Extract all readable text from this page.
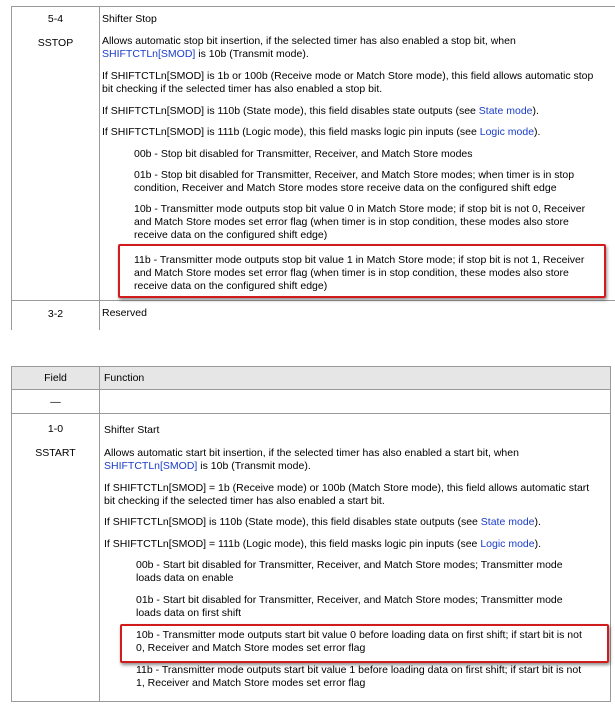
5-4
SSTOP
Shifter Stop
Allows automatic stop bit insertion, if the selected timer has also enabled a stop bit, when
SHIFTCTLn[SMOD] is 10b (Transmit mode).
If SHIFTCTLn[SMOD] is 1b or 100b (Receive mode or Match Store mode), this field allows automatic stop
bit checking if the selected timer has also enabled a stop bit.
If SHIFTCTLn[SMOD] is 110b (State mode), this field disables state outputs (see State mode).
If SHIFTCTLn[SMOD] is 111b (Logic mode), this field masks logic pin inputs (see Logic mode).
00b - Stop bit disabled for Transmitter, Receiver, and Match Store modes
01b - Stop bit disabled for Transmitter, Receiver, and Match Store modes; when timer is in stop
condition, Receiver and Match Store modes store receive data on the configured shift edge
10b - Transmitter mode outputs stop bit value 0 in Match Store mode; if stop bit is not 0, Receiver
and Match Store modes set error flag (when timer is in stop condition, these modes also store
receive data on the configured shift edge)
11b - Transmitter mode outputs stop bit value 1 in Match Store mode; if stop bit is not 1, Receiver
and Match Store modes set error flag (when timer is in stop condition, these modes also store
receive data on the configured shift edge)
3-2	Reserved
Field	Function
—
1-0
SSTART
Shifter Start
Allows automatic start bit insertion, if the selected timer has also enabled a start bit, when
SHIFTCTLn[SMOD] is 10b (Transmit mode).
If SHIFTCTLn[SMOD] = 1b (Receive mode) or 100b (Match Store mode), this field allows automatic start
bit checking if the selected timer has also enabled a start bit.
If SHIFTCTLn[SMOD] is 110b (State mode), this field disables state outputs (see State mode).
If SHIFTCTLn[SMOD] = 111b (Logic mode), this field masks logic pin inputs (see Logic mode).
00b - Start bit disabled for Transmitter, Receiver, and Match Store modes; Transmitter mode
loads data on enable
01b - Start bit disabled for Transmitter, Receiver, and Match Store modes; Transmitter mode
loads data on first shift
10b - Transmitter mode outputs start bit value 0 before loading data on first shift; if start bit is not
0, Receiver and Match Store modes set error flag
11b - Transmitter mode outputs start bit value 1 before loading data on first shift; if start bit is not
1, Receiver and Match Store modes set error flag
